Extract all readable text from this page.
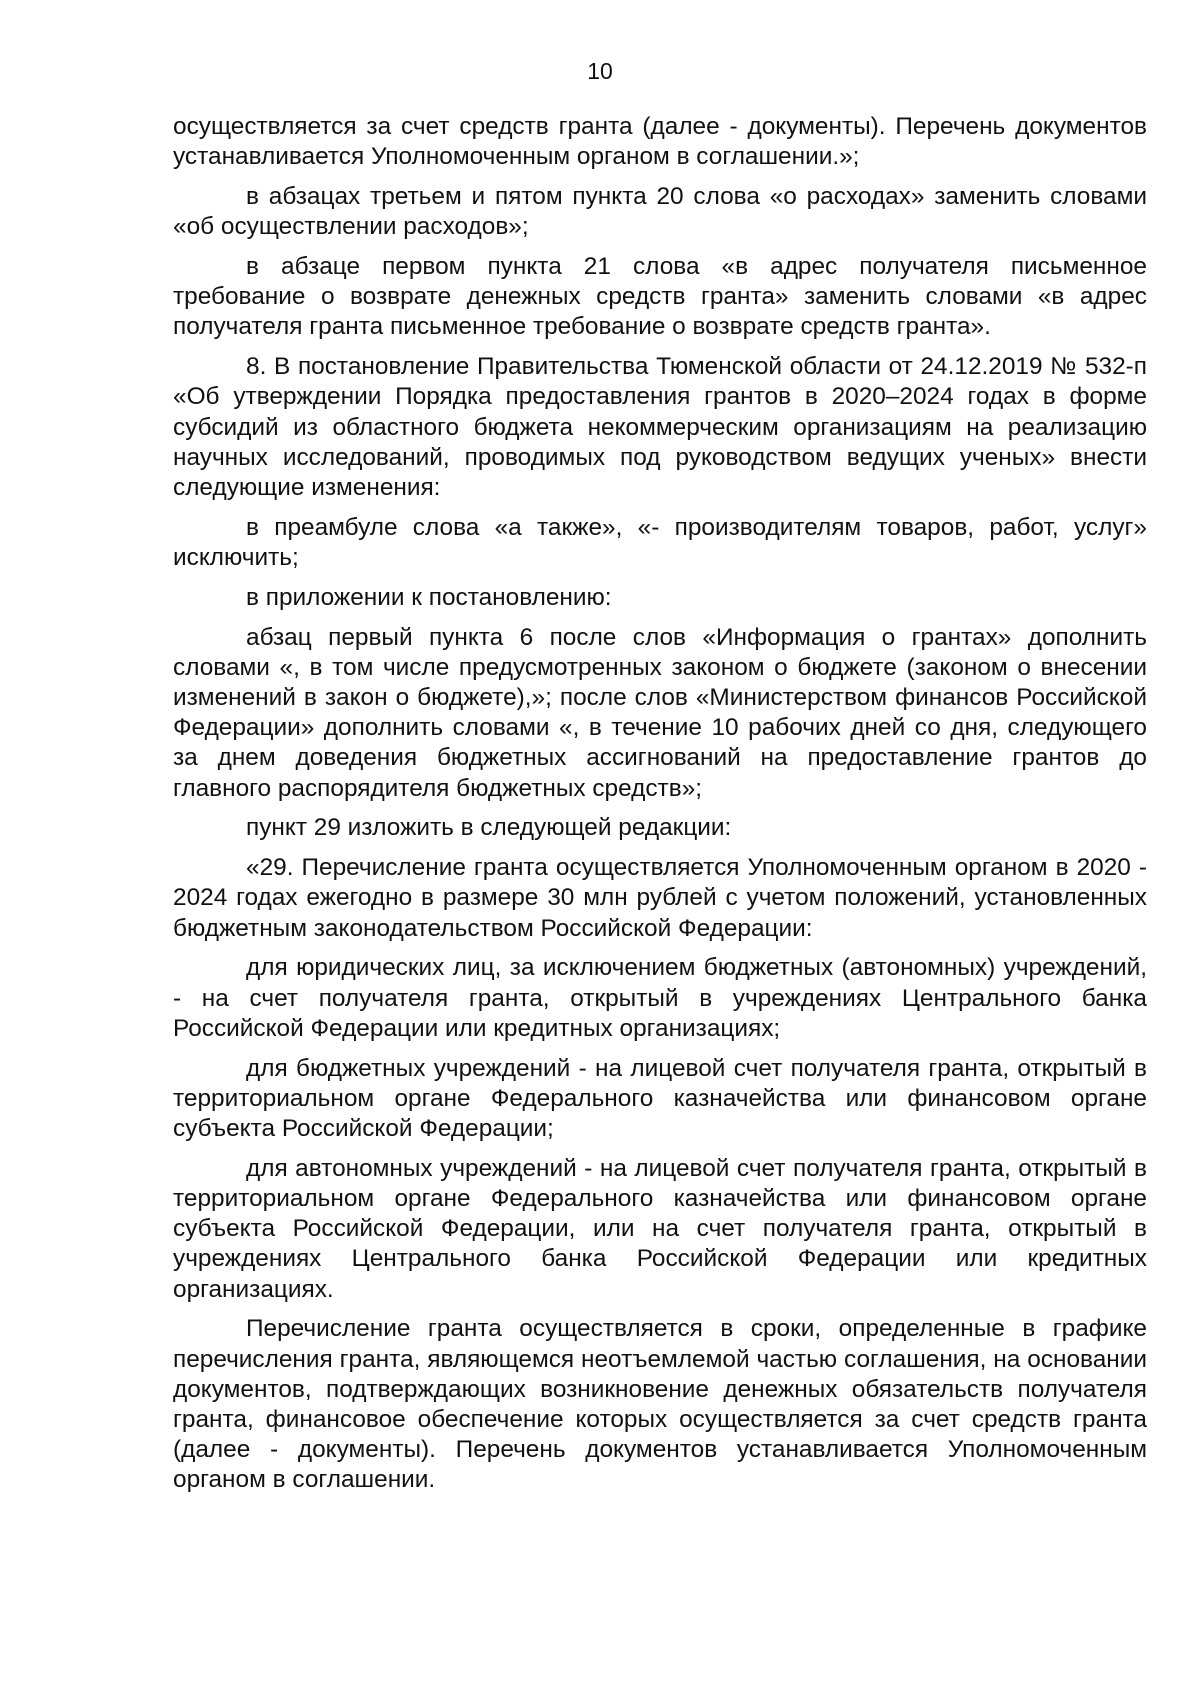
10

осуществляется за счет средств гранта (далее - документы). Перечень документов устанавливается Уполномоченным органом в соглашении.»;

в абзацах третьем и пятом пункта 20 слова «о расходах» заменить словами «об осуществлении расходов»;

в абзаце первом пункта 21 слова «в адрес получателя письменное требование о возврате денежных средств гранта» заменить словами «в адрес получателя гранта письменное требование о возврате средств гранта».

8. В постановление Правительства Тюменской области от 24.12.2019 № 532-п «Об утверждении Порядка предоставления грантов в 2020–2024 годах в форме субсидий из областного бюджета некоммерческим организациям на реализацию научных исследований, проводимых под руководством ведущих ученых» внести следующие изменения:

в преамбуле слова «а также», «- производителям товаров, работ, услуг» исключить;

в приложении к постановлению:

абзац первый пункта 6 после слов «Информация о грантах» дополнить словами «, в том числе предусмотренных законом о бюджете (законом о внесении изменений в закон о бюджете),»; после слов «Министерством финансов Российской Федерации» дополнить словами «, в течение 10 рабочих дней со дня, следующего за днем доведения бюджетных ассигнований на предоставление грантов до главного распорядителя бюджетных средств»;

пункт 29 изложить в следующей редакции:

«29. Перечисление гранта осуществляется Уполномоченным органом в 2020 - 2024 годах ежегодно в размере 30 млн рублей с учетом положений, установленных бюджетным законодательством Российской Федерации:

для юридических лиц, за исключением бюджетных (автономных) учреждений, - на счет получателя гранта, открытый в учреждениях Центрального банка Российской Федерации или кредитных организациях;

для бюджетных учреждений - на лицевой счет получателя гранта, открытый в территориальном органе Федерального казначейства или финансовом органе субъекта Российской Федерации;

для автономных учреждений - на лицевой счет получателя гранта, открытый в территориальном органе Федерального казначейства или финансовом органе субъекта Российской Федерации, или на счет получателя гранта, открытый в учреждениях Центрального банка Российской Федерации или кредитных организациях.

Перечисление гранта осуществляется в сроки, определенные в графике перечисления гранта, являющемся неотъемлемой частью соглашения, на основании документов, подтверждающих возникновение денежных обязательств получателя гранта, финансовое обеспечение которых осуществляется за счет средств гранта (далее - документы). Перечень документов устанавливается Уполномоченным органом в соглашении.
